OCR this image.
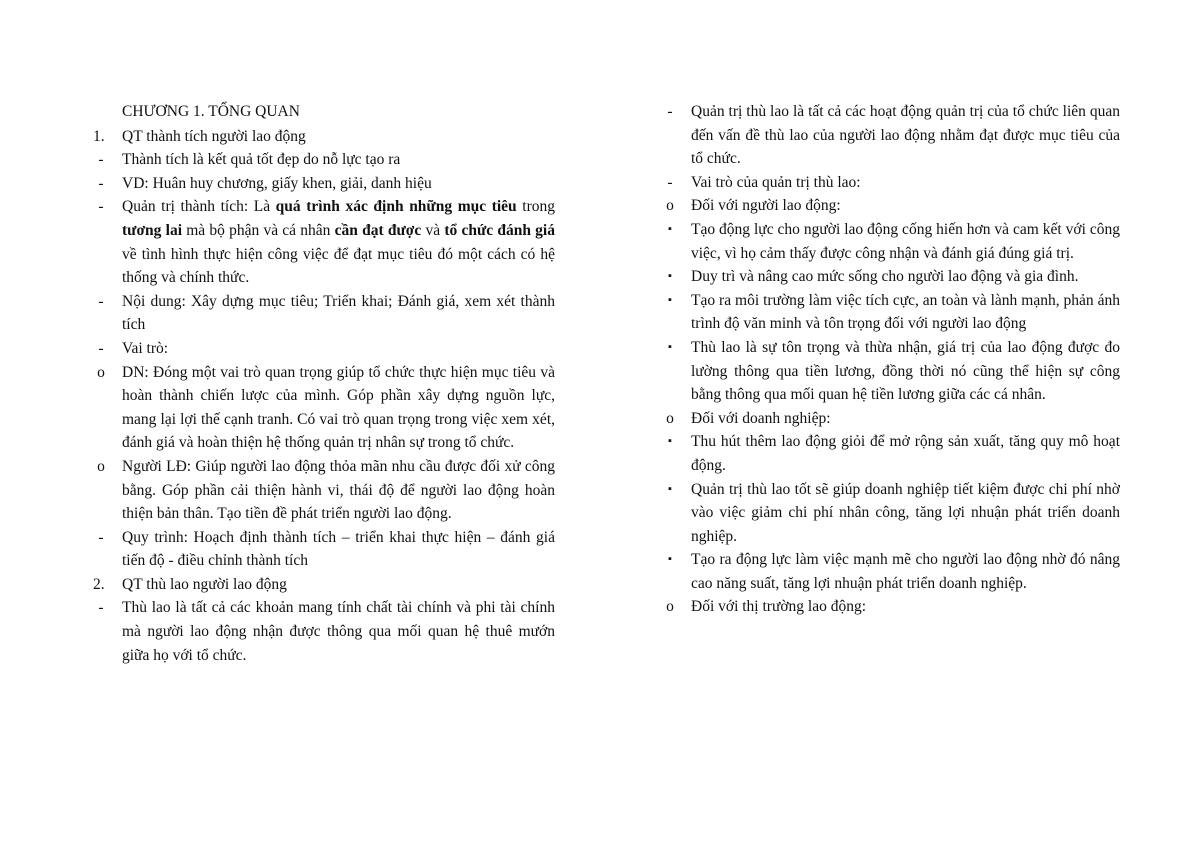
CHƯƠNG 1. TỔNG QUAN
1.	QT thành tích người lao động
-	Thành tích là kết quả tốt đẹp do nỗ lực tạo ra
-	VD: Huân huy chương, giấy khen, giải, danh hiệu
-	Quản trị thành tích: Là quá trình xác định những mục tiêu trong tương lai mà bộ phận và cá nhân cần đạt được và tổ chức đánh giá về tình hình thực hiện công việc để đạt mục tiêu đó một cách có hệ thống và chính thức.
-	Nội dung: Xây dựng mục tiêu; Triển khai; Đánh giá, xem xét thành tích
-	Vai trò:
o	DN: Đóng một vai trò quan trọng giúp tổ chức thực hiện mục tiêu và hoàn thành chiến lược của mình. Góp phần xây dựng nguồn lực, mang lại lợi thế cạnh tranh. Có vai trò quan trọng trong việc xem xét, đánh giá và hoàn thiện hệ thống quản trị nhân sự trong tổ chức.
o	Người LĐ: Giúp người lao động thỏa mãn nhu cầu được đối xử công bằng. Góp phần cải thiện hành vi, thái độ để người lao động hoàn thiện bản thân. Tạo tiền đề phát triển người lao động.
-	Quy trình: Hoạch định thành tích – triển khai thực hiện – đánh giá tiến độ - điều chỉnh thành tích
2.	QT thù lao người lao động
-	Thù lao là tất cả các khoản mang tính chất tài chính và phi tài chính mà người lao động nhận được thông qua mối quan hệ thuê mướn giữa họ với tổ chức.
-	Quản trị thù lao là tất cả các hoạt động quản trị của tổ chức liên quan đến vấn đề thù lao của người lao động nhằm đạt được mục tiêu của tổ chức.
-	Vai trò của quản trị thù lao:
o	Đối với người lao động:
▪	Tạo động lực cho người lao động cống hiến hơn và cam kết với công việc, vì họ cảm thấy được công nhận và đánh giá đúng giá trị.
▪	Duy trì và nâng cao mức sống cho người lao động và gia đình.
▪	Tạo ra môi trường làm việc tích cực, an toàn và lành mạnh, phản ánh trình độ văn minh và tôn trọng đối với người lao động
▪	Thù lao là sự tôn trọng và thừa nhận, giá trị của lao động được đo lường thông qua tiền lương, đồng thời nó cũng thể hiện sự công bằng thông qua mối quan hệ tiền lương giữa các cá nhân.
o	Đối với doanh nghiệp:
▪	Thu hút thêm lao động giỏi để mở rộng sản xuất, tăng quy mô hoạt động.
▪	Quản trị thù lao tốt sẽ giúp doanh nghiệp tiết kiệm được chi phí nhờ vào việc giảm chi phí nhân công, tăng lợi nhuận phát triển doanh nghiệp.
▪	Tạo ra động lực làm việc mạnh mẽ cho người lao động nhờ đó nâng cao năng suất, tăng lợi nhuận phát triển doanh nghiệp.
o	Đối với thị trường lao động:
